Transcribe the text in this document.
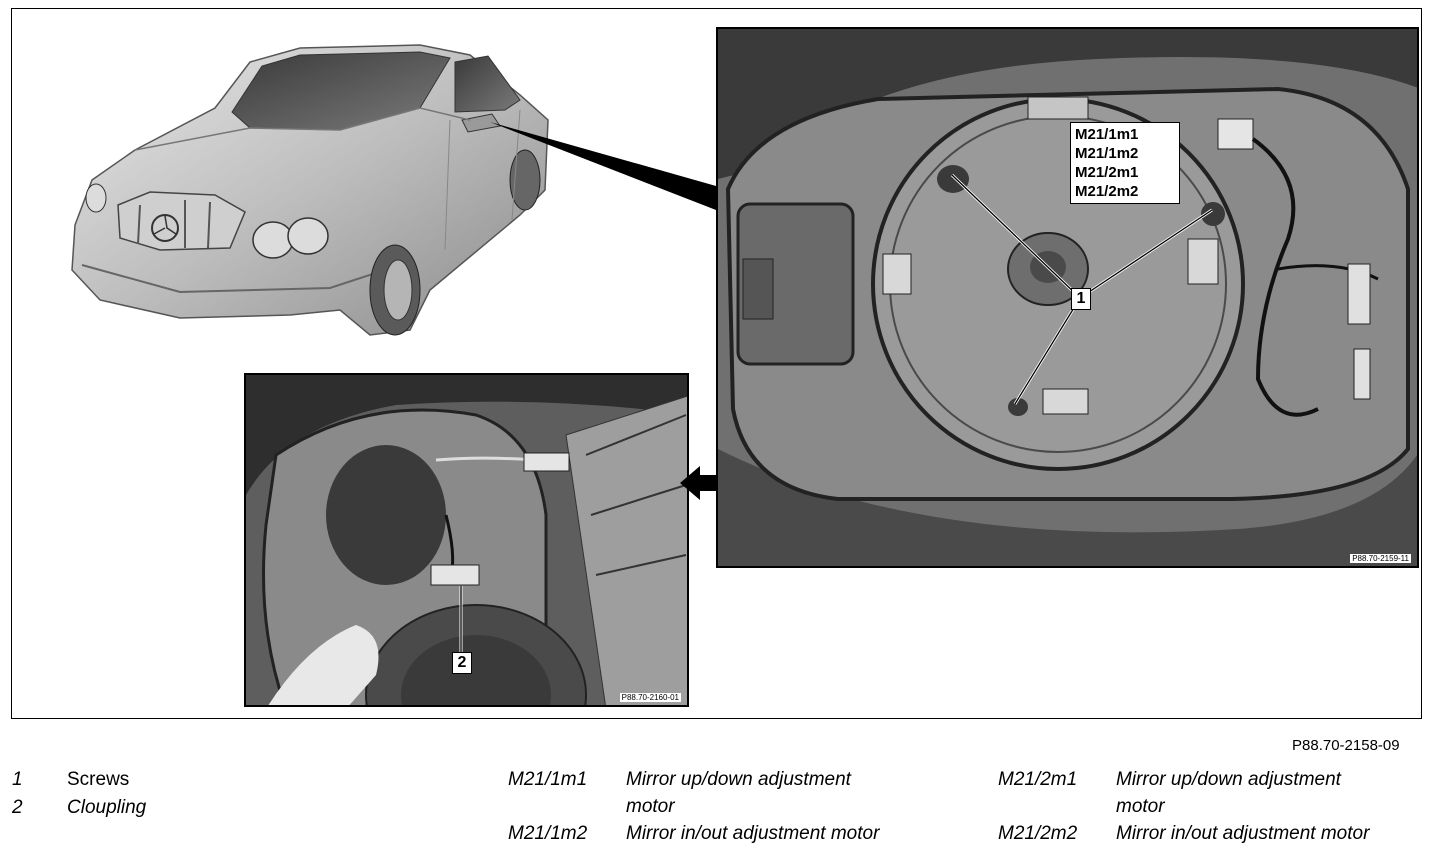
P88.70-2159-11
P88.70-2160-01
M21/1m1
M21/1m2
M21/2m1
M21/2m2
1
2
P88.70-2158-09
1 Screws
2 Cloupling
M21/1m1 Mirror up/down adjustment
motor
M21/1m2 Mirror in/out adjustment motor
M21/2m1 Mirror up/down adjustment
motor
M21/2m2 Mirror in/out adjustment motor
